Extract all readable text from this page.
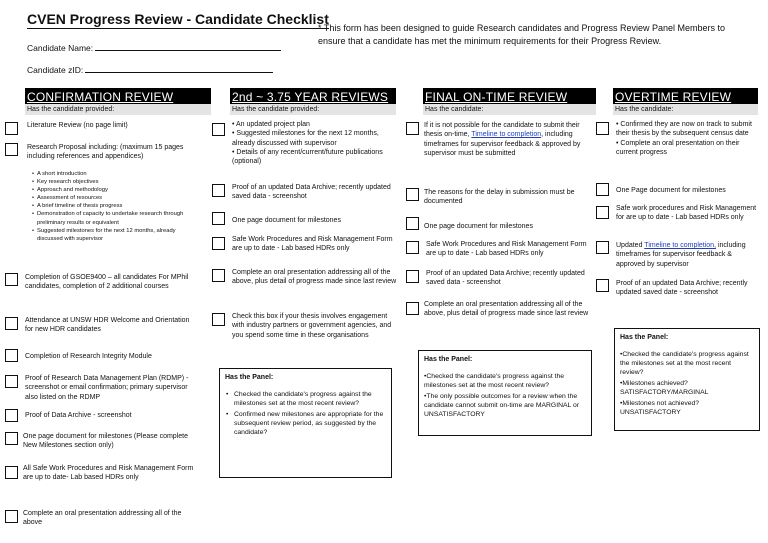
CVEN Progress Review - Candidate Checklist
Candidate Name:
Candidate zID:
* This form has been designed to guide Research candidates and Progress Review Panel Members to ensure that a candidate has met the minimum requirements for their Progress Review.
CONFIRMATION REVIEW
Has the candidate provided:
Literature Review (no page limit)
Research Proposal including: (maximum 15 pages including references and appendices)
• A short introduction
• Key research objectives
• Approach and methodology
• Assessment of resources
• A brief timeline of thesis progress
• Demonstration of capacity to undertake research through preliminary results or equivalent
• Suggested milestones for the next 12 months, already discussed with supervisor
Completion of GSOE9400 – all candidates For MPhil candidates, completion of 2 additional courses
Attendance at UNSW HDR Welcome and Orientation for new HDR candidates
Completion of Research Integrity Module
Proof of Research Data Management Plan (RDMP) - screenshot or email confirmation; primary supervisor also listed on the RDMP
Proof of Data Archive - screenshot
One page document for milestones (Please complete New Milestones section only)
All Safe Work Procedures and Risk Management Form are up to date- Lab based HDRs only
Complete an oral presentation addressing all of the above
2nd ~ 3.75 YEAR REVIEWS
Has the candidate provided:
• An updated project plan
• Suggested milestones for the next 12 months, already discussed with supervisor
• Details of any recent/current/future publications (optional)
Proof of an updated Data Archive; recently updated saved data - screenshot
One page document for milestones
Safe Work Procedures and Risk Management Form are up to date - Lab based HDRs only
Complete an oral presentation addressing all of the above, plus detail of progress made since last review
Check this box if your thesis involves engagement with industry partners or government agencies, and you spend some time in these organisations
Has the Panel:
• Checked the candidate's progress against the milestones set at the most recent review?
• Confirmed new milestones are appropriate for the subsequent review period, as suggested by the candidate?
FINAL ON-TIME REVIEW
Has the candidate:
If it is not possible for the candidate to submit their thesis on-time, Timeline to completion, including timeframes for supervisor feedback & approved by supervisor must be submitted
The reasons for the delay in submission must be documented
One page document for milestones
Safe Work Procedures and Risk Management Form are up to date - Lab based HDRs only
Proof of an updated Data Archive; recently updated saved data - screenshot
Complete an oral presentation addressing all of the above, plus detail of progress made since last review
Has the Panel:
• Checked the candidate's progress against the milestones set at the most recent review?
• The only possible outcomes for a review when the candidate cannot submit on-time are MARGINAL or UNSATISFACTORY
OVERTIME REVIEW
Has the candidate:
• Confirmed they are now on track to submit their thesis by the subsequent census date
• Complete an oral presentation on their current progress
One Page document for milestones
Safe work procedures and Risk Management for are up to date - Lab based HDRs only
Updated Timeline to completion, including timeframes for supervisor feedback & approved by supervisor
Proof of an updated Data Archive; recently updated saved date - screenshot
Has the Panel:
• Checked the candidate's progress against the milestones set at the most recent review?
• Milestones achieved? SATISFACTORY/MARGINAL
• Milestones not achieved? UNSATISFACTORY
